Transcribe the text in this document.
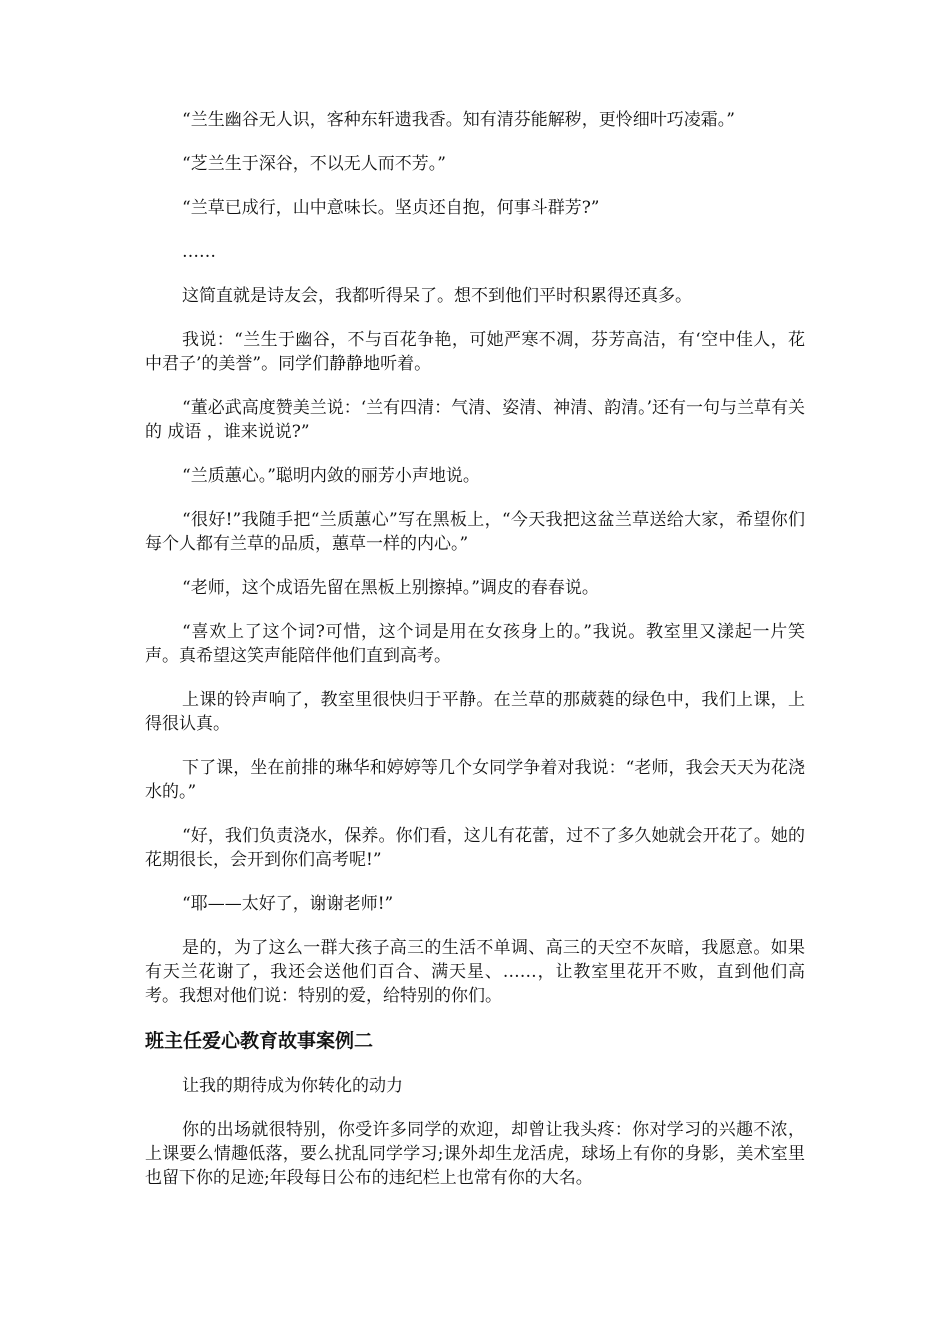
“兰生幽谷无人识，客种东轩遗我香。知有清芬能解秽，更怜细叶巧凌霜。”

“芝兰生于深谷，不以无人而不芳。”

“兰草已成行，山中意味长。坚贞还自抱，何事斗群芳?”

……

这简直就是诗友会，我都听得呆了。想不到他们平时积累得还真多。

我说：“兰生于幽谷，不与百花争艳，可她严寒不凋，芬芳高洁，有‘空中佳人，花中君子’的美誉”。同学们静静地听着。

“董必武高度赞美兰说：‘兰有四清：气清、姿清、神清、韵清。’还有一句与兰草有关的 成语 ，谁来说说?”

“兰质蕙心。”聪明内敛的丽芳小声地说。

“很好!”我随手把“兰质蕙心”写在黑板上，“今天我把这盆兰草送给大家，希望你们每个人都有兰草的品质，蕙草一样的内心。”

“老师，这个成语先留在黑板上别擦掉。”调皮的春春说。

“喜欢上了这个词?可惜，这个词是用在女孩身上的。”我说。教室里又漾起一片笑声。真希望这笑声能陪伴他们直到高考。

上课的铃声响了，教室里很快归于平静。在兰草的那葳蕤的绿色中，我们上课，上得很认真。

下了课，坐在前排的琳华和婷婷等几个女同学争着对我说：“老师，我会天天为花浇水的。”

“好，我们负责浇水，保养。你们看，这儿有花蕾，过不了多久她就会开花了。她的花期很长，会开到你们高考呢!”

“耶——太好了，谢谢老师!”

是的，为了这么一群大孩子高三的生活不单调、高三的天空不灰暗，我愿意。如果有天兰花谢了，我还会送他们百合、满天星、……，让教室里花开不败，直到他们高考。我想对他们说：特别的爱，给特别的你们。

班主任爱心教育故事案例二

让我的期待成为你转化的动力

你的出场就很特别，你受许多同学的欢迎，却曾让我头疼：你对学习的兴趣不浓，上课要么情趣低落，要么扰乱同学学习;课外却生龙活虎，球场上有你的身影，美术室里也留下你的足迹;年段每日公布的违纪栏上也常有你的大名。
